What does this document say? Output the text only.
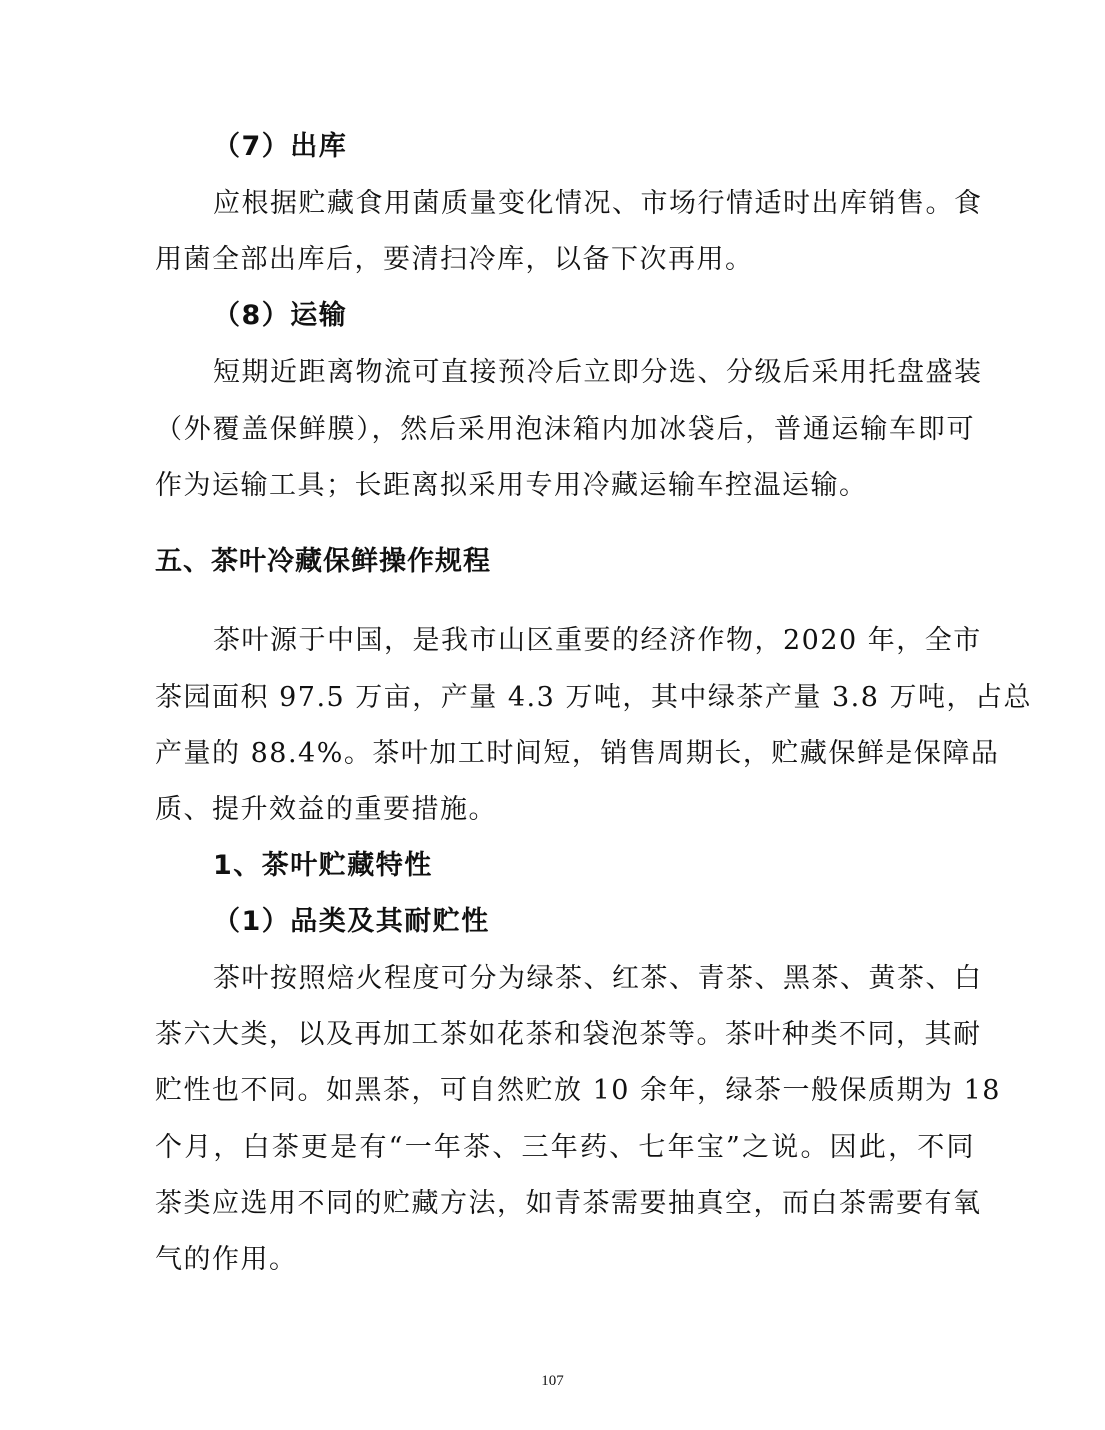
（7）出库
应根据贮藏食用菌质量变化情况、市场行情适时出库销售。食
用菌全部出库后，要清扫冷库，以备下次再用。
（8）运输
短期近距离物流可直接预冷后立即分选、分级后采用托盘盛装
（外覆盖保鲜膜），然后采用泡沫箱内加冰袋后，普通运输车即可
作为运输工具；长距离拟采用专用冷藏运输车控温运输。
五、茶叶冷藏保鲜操作规程
茶叶源于中国，是我市山区重要的经济作物，2020 年，全市
茶园面积 97.5 万亩，产量 4.3 万吨，其中绿茶产量 3.8 万吨，占总
产量的 88.4%。茶叶加工时间短，销售周期长，贮藏保鲜是保障品
质、提升效益的重要措施。
1、茶叶贮藏特性
（1）品类及其耐贮性
茶叶按照焙火程度可分为绿茶、红茶、青茶、黑茶、黄茶、白
茶六大类，以及再加工茶如花茶和袋泡茶等。茶叶种类不同，其耐
贮性也不同。如黑茶，可自然贮放 10 余年，绿茶一般保质期为 18
个月，白茶更是有“一年茶、三年药、七年宝”之说。因此，不同
茶类应选用不同的贮藏方法，如青茶需要抽真空，而白茶需要有氧
气的作用。
107
